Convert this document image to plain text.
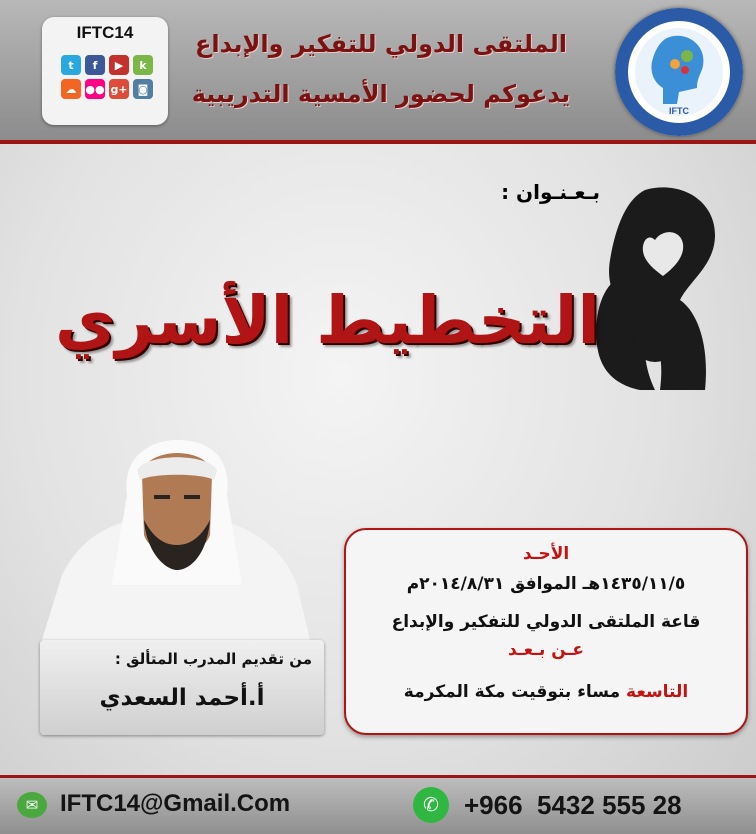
IFTC14
t	f	▶	k
☁ ●● g+ ◙
الملتقى الدولي للتفكير والإبداع
يدعوكم لحضور الأمسية التدريبية
IFTC
بـعـنـوان :
التخطيط الأسري
من تقديم المدرب المتألق :
أ.أحمد السعدي
الأحـد
١٤٣٥/١١/٥هـ الموافق ٢٠١٤/٨/٣١م
قاعة الملتقى الدولي للتفكير والإبداع
عـن بـعـد
التاسعة مساء بتوقيت مكة المكرمة
✉ IFTC14@Gmail.Com	✆ +966  5432 555 28
